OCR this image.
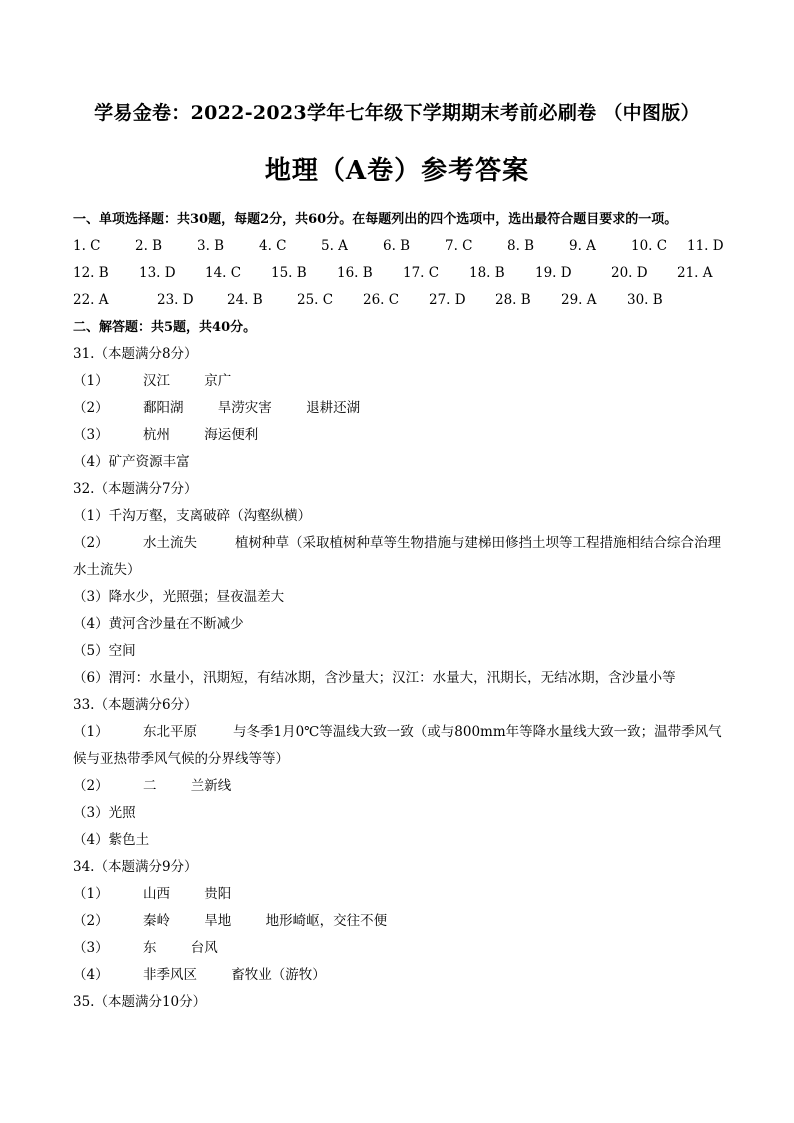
学易金卷：2022-2023学年七年级下学期期末考前必刷卷 （中图版）
地理（A卷）参考答案
一、单项选择题：共30题，每题2分，共60分。在每题列出的四个选项中，选出最符合题目要求的一项。
1. C	2. B	3. B	4. C	5. A	6. B	7. C	8. B	9. A	10. C 11. D
12. B 13. D 14. C 15. B 16. B 17. C 18. B 19. D	20. D 21. A
22. A	23. D 24. B	25. C 26. C 27. D 28. B 29. A 30. B
二、解答题：共5题，共40分。
31.（本题满分8分）
（1）	汉江	京广
（2）	鄱阳湖	旱涝灾害	退耕还湖
（3）	杭州	海运便利
（4）矿产资源丰富
32.（本题满分7分）
（1）千沟万壑，支离破碎（沟壑纵横）
（2）	水土流失	植树种草（采取植树种草等生物措施与建梯田修挡土坝等工程措施相结合综合治理水土流失）
（3）降水少，光照强；昼夜温差大
（4）黄河含沙量在不断减少
（5）空间
（6）渭河：水量小，汛期短，有结冰期，含沙量大；汉江：水量大，汛期长，无结冰期，含沙量小等
33.（本题满分6分）
（1）	东北平原	与冬季1月0℃等温线大致一致（或与800mm年等降水量线大致一致；温带季风气候与亚热带季风气候的分界线等等）
（2）	二	兰新线
（3）光照
（4）紫色土
34.（本题满分9分）
（1）	山西	贵阳
（2）	秦岭	旱地	地形崎岖，交往不便
（3）	东	台风
（4）	非季风区	畜牧业（游牧）
35.（本题满分10分）
